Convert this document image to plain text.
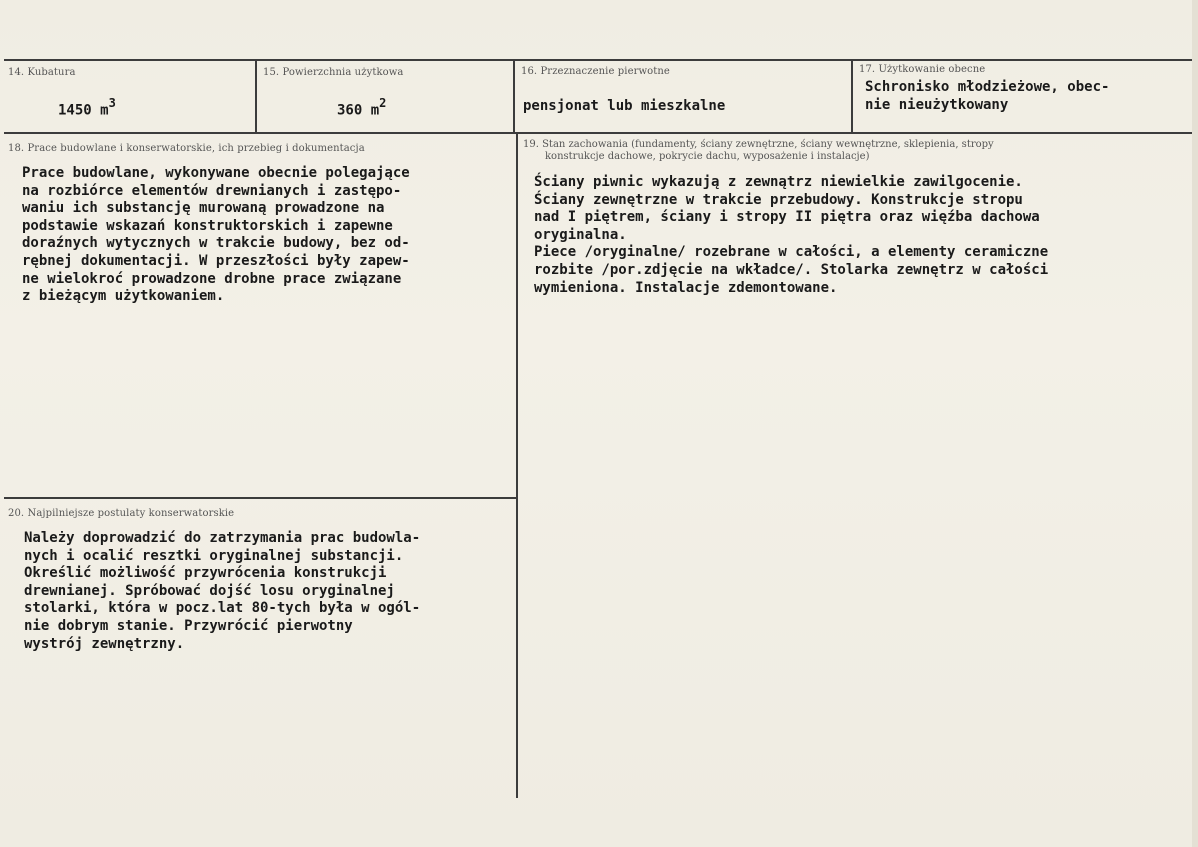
14. Kubatura
1450 $m^3$
15. Powierzchnia użytkowa
360 $m^2$
16. Przeznaczenie pierwotne
pensjonat lub mieszkalne
17. Użytkowanie obecne
Schronisko młodzieżowe, obec-
nie nieużytkowany
18. Prace budowlane i konserwatorskie, ich przebieg i dokumentacja
Prace budowlane, wykonywane obecnie polegające
na rozbiórce elementów drewnianych i zastępo-
waniu ich substancję murowaną prowadzone na
podstawie wskazań konstruktorskich i zapewne
doraźnych wytycznych w trakcie budowy, bez od-
rębnej dokumentacji. W przeszłości były zapew-
ne wielokroć prowadzone drobne prace związane
z bieżącym użytkowaniem.
19. Stan zachowania (fundamenty, ściany zewnętrzne, ściany wewnętrzne, sklepienia, stropy
konstrukcje dachowe, pokrycie dachu, wyposażenie i instalacje)
Ściany piwnic wykazują z zewnątrz niewielkie zawilgocenie.
Ściany zewnętrzne w trakcie przebudowy. Konstrukcje stropu
nad I piętrem, ściany i stropy II piętra oraz więźba dachowa
oryginalna.
Piece /oryginalne/ rozebrane w całości, a elementy ceramiczne
rozbite /por.zdjęcie na wkładce/. Stolarka zewnętrz w całości
wymieniona. Instalacje zdemontowane.
20. Najpilniejsze postulaty konserwatorskie
Należy doprowadzić do zatrzymania prac budowla-
nych i ocalić resztki oryginalnej substancji.
Określić możliwość przywrócenia konstrukcji
drewnianej. Spróbować dojść losu oryginalnej
stolarki, która w pocz.lat 80-tych była w ogól-
nie dobrym stanie. Przywrócić pierwotny
wystrój zewnętrzny.
